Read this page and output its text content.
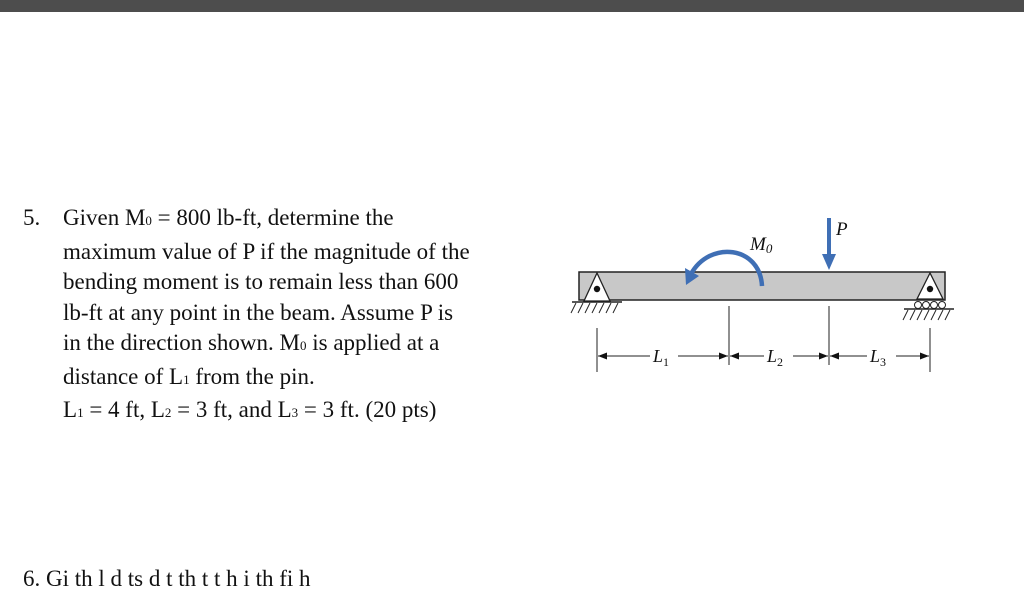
5. Given M0 = 800 lb-ft, determine the
maximum value of P if the magnitude of the
bending moment is to remain less than 600
lb-ft at any point in the beam. Assume P is
in the direction shown. M0 is applied at a
distance of L1 from the pin.
L1 = 4 ft, L2 = 3 ft, and L3 = 3 ft. (20 pts)
M0
P
$L_1$	$L_2$	$L_3$
6. Gi th l d ts d t th t t h i th fi h
